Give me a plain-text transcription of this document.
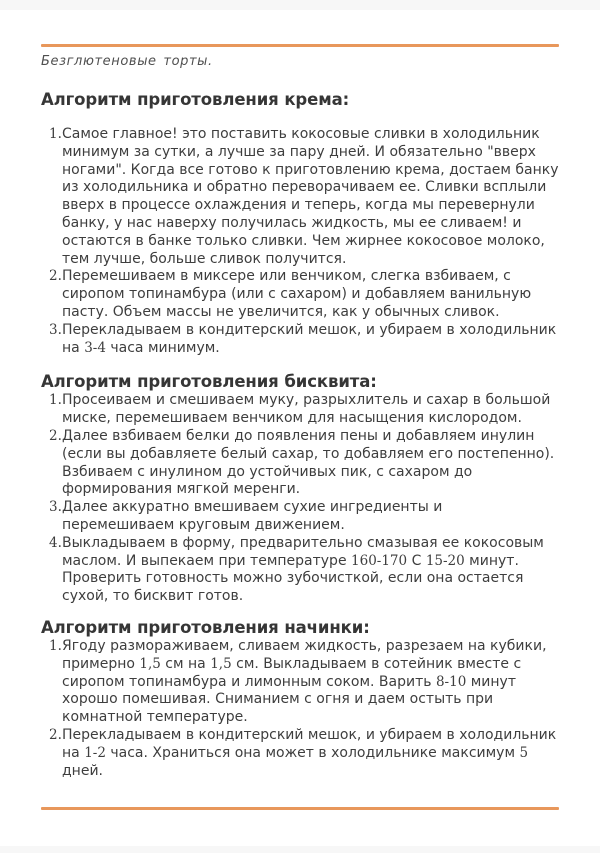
Безглютеновые торты.
Алгоритм приготовления крема:
1. Самое главное! это поставить кокосовые сливки в холодильник минимум за сутки, а лучше за пару дней. И обязательно "вверх ногами". Когда все готово к приготовлению крема, достаем банку из холодильника и обратно переворачиваем ее. Сливки всплыли вверх в процессе охлаждения и теперь, когда мы перевернули банку, у нас наверху получилась жидкость, мы ее сливаем! и остаются в банке только сливки. Чем жирнее кокосовое молоко, тем лучше, больше сливок получится.
2. Перемешиваем в миксере или венчиком, слегка взбиваем, с сиропом топинамбура (или с сахаром) и добавляем ванильную пасту. Объем массы не увеличится, как у обычных сливок.
3. Перекладываем в кондитерский мешок, и убираем в холодильник на 3-4 часа минимум.
Алгоритм приготовления бисквита:
1. Просеиваем и смешиваем муку, разрыхлитель и сахар в большой миске, перемешиваем венчиком для насыщения кислородом.
2. Далее взбиваем белки до появления пены и добавляем инулин (если вы добавляете белый сахар, то добавляем его постепенно). Взбиваем с инулином до устойчивых пик, с сахаром до формирования мягкой меренги.
3. Далее аккуратно вмешиваем сухие ингредиенты и перемешиваем круговым движением.
4. Выкладываем в форму, предварительно смазывая ее кокосовым маслом. И выпекаем при температуре 160-170 С 15-20 минут. Проверить готовность можно зубочисткой, если она остается сухой, то бисквит готов.
Алгоритм приготовления начинки:
1. Ягоду размораживаем, сливаем жидкость, разрезаем на кубики, примерно 1,5 см на 1,5 см. Выкладываем в сотейник вместе с сиропом топинамбура и лимонным соком. Варить 8-10 минут хорошо помешивая. Сниманием с огня и даем остыть при комнатной температуре.
2. Перекладываем в кондитерский мешок, и убираем в холодильник на 1-2 часа. Храниться она может в холодильнике максимум 5 дней.
